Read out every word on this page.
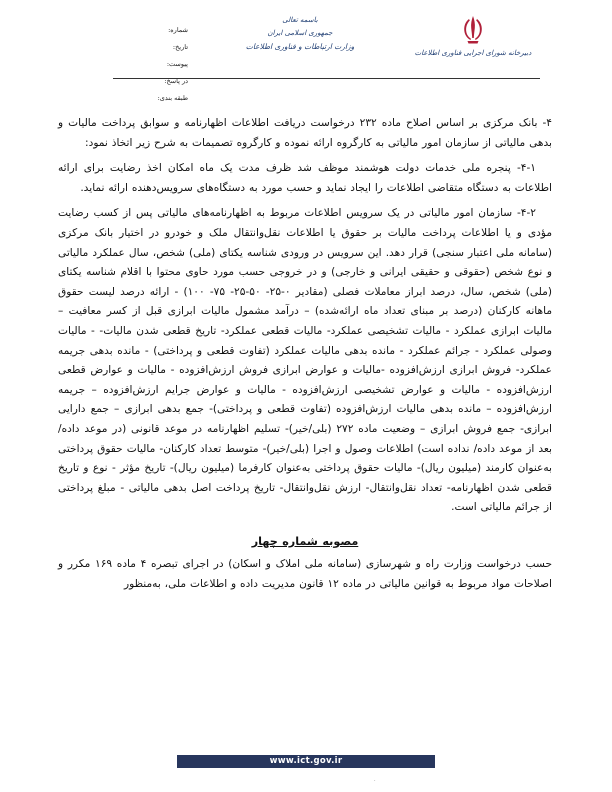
شماره:
تاریخ:
پیوست:
در پاسخ:
طبقه بندی:
باسمه تعالی
جمهوری اسلامی ایران
وزارت ارتباطات و فناوری اطلاعات
دبیرخانه شورای اجرایی فناوری اطلاعات

۴- بانک مرکزی بر اساس اصلاح ماده ۲۳۲ درخواست دریافت اطلاعات اظهارنامه و سوابق پرداخت مالیات و بدهی مالیاتی از سازمان امور مالیاتی به کارگروه ارائه نموده و کارگروه تصمیمات به شرح زیر اتخاذ نمود:

۴-۱- پنجره ملی خدمات دولت هوشمند موظف شد ظرف مدت یک ماه امکان اخذ رضایت برای ارائه اطلاعات به دستگاه متقاضی اطلاعات را ایجاد نماید و حسب مورد به دستگاه‌های سرویس‌دهنده ارائه نماید.

۴-۲- سازمان امور مالیاتی در یک سرویس اطلاعات مربوط به اظهارنامه‌های مالیاتی پس از کسب رضایت مؤدی و یا اطلاعات پرداخت مالیات بر حقوق یا اطلاعات نقل‌وانتقال ملک و خودرو در اختیار بانک مرکزی (سامانه ملی اعتبار سنجی) قرار دهد. این سرویس در ورودی شناسه یکتای (ملی) شخص، سال عملکرد مالیاتی و نوع شخص (حقوقی و حقیقی ایرانی و خارجی) و در خروجی حسب مورد حاوی محتوا با اقلام شناسه یکتای (ملی) شخص، سال، درصد ابراز معاملات فصلی (مقادیر ۰-۲۵- ۵۰-۲۵- ۷۵- ۱۰۰) - ارائه درصد لیست حقوق ماهانه کارکنان (درصد بر مبنای تعداد ماه ارائه‌شده) – درآمد مشمول مالیات ابرازی قبل از کسر معافیت – مالیات ابرازی عملکرد - مالیات تشخیصی عملکرد- مالیات قطعی عملکرد- تاریخ قطعی شدن مالیات- - مالیات وصولی عملکرد - جرائم عملکرد - مانده بدهی مالیات عملکرد (تفاوت قطعی و پرداختی) - مانده بدهی جریمه عملکرد- فروش ابرازی ارزش‌افزوده -مالیات و عوارض ابرازی فروش ارزش‌افزوده - مالیات و عوارض قطعی ارزش‌افزوده - مالیات و عوارض تشخیصی ارزش‌افزوده - مالیات و عوارض جرایم ارزش‌افزوده – جریمه ارزش‌افزوده – مانده بدهی مالیات ارزش‌افزوده (تفاوت قطعی و پرداختی)- جمع بدهی ابرازی – جمع دارایی ابرازی- جمع فروش ابرازی – وضعیت ماده ۲۷۲ (بلی/خیر)- تسلیم اظهارنامه در موعد قانونی (در موعد داده/ بعد از موعد داده/ نداده است) اطلاعات وصول و اجرا (بلی/خیر)- متوسط تعداد کارکنان- مالیات حقوق پرداختی به‌عنوان کارمند (میلیون ریال)- مالیات حقوق پرداختی به‌عنوان کارفرما (میلیون ریال)- تاریخ مؤثر - نوع و تاریخ قطعی شدن اظهارنامه- تعداد نقل‌وانتقال- ارزش نقل‌وانتقال- تاریخ پرداخت اصل بدهی مالیاتی - مبلغ پرداختی از جرائم مالیاتی است.

مصوبه شماره چهار

حسب درخواست وزارت راه و شهرسازی (سامانه ملی املاک و اسکان) در اجرای تبصره ۴ ماده ۱۶۹ مکرر و اصلاحات مواد مربوط به قوانین مالیاتی در ماده ۱۲ قانون مدیریت داده و اطلاعات ملی، به‌منظور

www.ict.gov.ir
.
